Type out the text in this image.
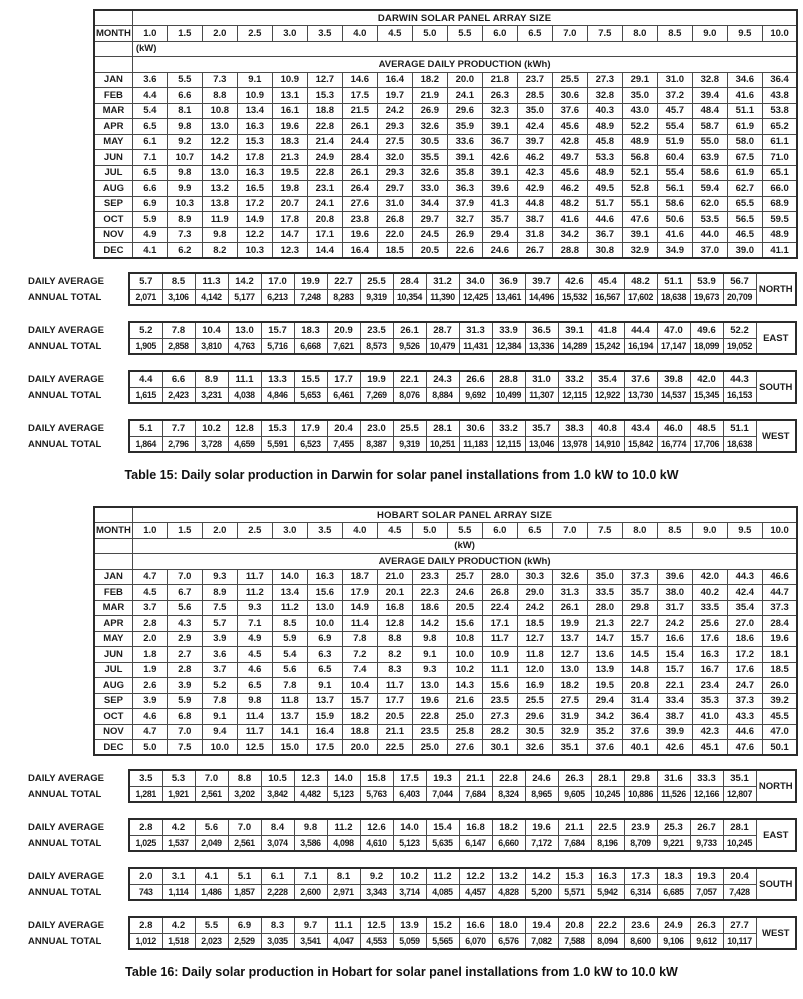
	DARWIN SOLAR PANEL ARRAY SIZE																		
MONTH	1.0	1.5	2.0	2.5	3.0	3.5	4.0	4.5	5.0	5.5	6.0	6.5	7.0	7.5	8.0	8.5	9.0	9.5	10.0
	(kW)																		
	AVERAGE DAILY PRODUCTION (kWh)																		
JAN	3.6	5.5	7.3	9.1	10.9	12.7	14.6	16.4	18.2	20.0	21.8	23.7	25.5	27.3	29.1	31.0	32.8	34.6	36.4
FEB	4.4	6.6	8.8	10.9	13.1	15.3	17.5	19.7	21.9	24.1	26.3	28.5	30.6	32.8	35.0	37.2	39.4	41.6	43.8
MAR	5.4	8.1	10.8	13.4	16.1	18.8	21.5	24.2	26.9	29.6	32.3	35.0	37.6	40.3	43.0	45.7	48.4	51.1	53.8
APR	6.5	9.8	13.0	16.3	19.6	22.8	26.1	29.3	32.6	35.9	39.1	42.4	45.6	48.9	52.2	55.4	58.7	61.9	65.2
MAY	6.1	9.2	12.2	15.3	18.3	21.4	24.4	27.5	30.5	33.6	36.7	39.7	42.8	45.8	48.9	51.9	55.0	58.0	61.1
JUN	7.1	10.7	14.2	17.8	21.3	24.9	28.4	32.0	35.5	39.1	42.6	46.2	49.7	53.3	56.8	60.4	63.9	67.5	71.0
JUL	6.5	9.8	13.0	16.3	19.5	22.8	26.1	29.3	32.6	35.8	39.1	42.3	45.6	48.9	52.1	55.4	58.6	61.9	65.1
AUG	6.6	9.9	13.2	16.5	19.8	23.1	26.4	29.7	33.0	36.3	39.6	42.9	46.2	49.5	52.8	56.1	59.4	62.7	66.0
SEP	6.9	10.3	13.8	17.2	20.7	24.1	27.6	31.0	34.4	37.9	41.3	44.8	48.2	51.7	55.1	58.6	62.0	65.5	68.9
OCT	5.9	8.9	11.9	14.9	17.8	20.8	23.8	26.8	29.7	32.7	35.7	38.7	41.6	44.6	47.6	50.6	53.5	56.5	59.5
NOV	4.9	7.3	9.8	12.2	14.7	17.1	19.6	22.0	24.5	26.9	29.4	31.8	34.2	36.7	39.1	41.6	44.0	46.5	48.9
DEC	4.1	6.2	8.2	10.3	12.3	14.4	16.4	18.5	20.5	22.6	24.6	26.7	28.8	30.8	32.9	34.9	37.0	39.0	41.1
DAILY AVERAGE
ANNUAL TOTAL
5.7	8.5	11.3	14.2	17.0	19.9	22.7	25.5	28.4	31.2	34.0	36.9	39.7	42.6	45.4	48.2	51.1	53.9	56.7	NORTH
2,071	3,106	4,142	5,177	6,213	7,248	8,283	9,319	10,354	11,390	12,425	13,461	14,496	15,532	16,567	17,602	18,638	19,673	20,709	
DAILY AVERAGE
ANNUAL TOTAL
5.2	7.8	10.4	13.0	15.7	18.3	20.9	23.5	26.1	28.7	31.3	33.9	36.5	39.1	41.8	44.4	47.0	49.6	52.2	EAST
1,905	2,858	3,810	4,763	5,716	6,668	7,621	8,573	9,526	10,479	11,431	12,384	13,336	14,289	15,242	16,194	17,147	18,099	19,052	
DAILY AVERAGE
ANNUAL TOTAL
4.4	6.6	8.9	11.1	13.3	15.5	17.7	19.9	22.1	24.3	26.6	28.8	31.0	33.2	35.4	37.6	39.8	42.0	44.3	SOUTH
1,615	2,423	3,231	4,038	4,846	5,653	6,461	7,269	8,076	8,884	9,692	10,499	11,307	12,115	12,922	13,730	14,537	15,345	16,153	
DAILY AVERAGE
ANNUAL TOTAL
5.1	7.7	10.2	12.8	15.3	17.9	20.4	23.0	25.5	28.1	30.6	33.2	35.7	38.3	40.8	43.4	46.0	48.5	51.1	WEST
1,864	2,796	3,728	4,659	5,591	6,523	7,455	8,387	9,319	10,251	11,183	12,115	13,046	13,978	14,910	15,842	16,774	17,706	18,638	
Table 15: Daily solar production in Darwin for solar panel installations from 1.0 kW to 10.0 kW
	HOBART SOLAR PANEL ARRAY SIZE																		
MONTH	1.0	1.5	2.0	2.5	3.0	3.5	4.0	4.5	5.0	5.5	6.0	6.5	7.0	7.5	8.0	8.5	9.0	9.5	10.0
	(kW)																		
	AVERAGE DAILY PRODUCTION (kWh)																		
JAN	4.7	7.0	9.3	11.7	14.0	16.3	18.7	21.0	23.3	25.7	28.0	30.3	32.6	35.0	37.3	39.6	42.0	44.3	46.6
FEB	4.5	6.7	8.9	11.2	13.4	15.6	17.9	20.1	22.3	24.6	26.8	29.0	31.3	33.5	35.7	38.0	40.2	42.4	44.7
MAR	3.7	5.6	7.5	9.3	11.2	13.0	14.9	16.8	18.6	20.5	22.4	24.2	26.1	28.0	29.8	31.7	33.5	35.4	37.3
APR	2.8	4.3	5.7	7.1	8.5	10.0	11.4	12.8	14.2	15.6	17.1	18.5	19.9	21.3	22.7	24.2	25.6	27.0	28.4
MAY	2.0	2.9	3.9	4.9	5.9	6.9	7.8	8.8	9.8	10.8	11.7	12.7	13.7	14.7	15.7	16.6	17.6	18.6	19.6
JUN	1.8	2.7	3.6	4.5	5.4	6.3	7.2	8.2	9.1	10.0	10.9	11.8	12.7	13.6	14.5	15.4	16.3	17.2	18.1
JUL	1.9	2.8	3.7	4.6	5.6	6.5	7.4	8.3	9.3	10.2	11.1	12.0	13.0	13.9	14.8	15.7	16.7	17.6	18.5
AUG	2.6	3.9	5.2	6.5	7.8	9.1	10.4	11.7	13.0	14.3	15.6	16.9	18.2	19.5	20.8	22.1	23.4	24.7	26.0
SEP	3.9	5.9	7.8	9.8	11.8	13.7	15.7	17.7	19.6	21.6	23.5	25.5	27.5	29.4	31.4	33.4	35.3	37.3	39.2
OCT	4.6	6.8	9.1	11.4	13.7	15.9	18.2	20.5	22.8	25.0	27.3	29.6	31.9	34.2	36.4	38.7	41.0	43.3	45.5
NOV	4.7	7.0	9.4	11.7	14.1	16.4	18.8	21.1	23.5	25.8	28.2	30.5	32.9	35.2	37.6	39.9	42.3	44.6	47.0
DEC	5.0	7.5	10.0	12.5	15.0	17.5	20.0	22.5	25.0	27.6	30.1	32.6	35.1	37.6	40.1	42.6	45.1	47.6	50.1
DAILY AVERAGE
ANNUAL TOTAL
3.5	5.3	7.0	8.8	10.5	12.3	14.0	15.8	17.5	19.3	21.1	22.8	24.6	26.3	28.1	29.8	31.6	33.3	35.1	NORTH
1,281	1,921	2,561	3,202	3,842	4,482	5,123	5,763	6,403	7,044	7,684	8,324	8,965	9,605	10,245	10,886	11,526	12,166	12,807	
DAILY AVERAGE
ANNUAL TOTAL
2.8	4.2	5.6	7.0	8.4	9.8	11.2	12.6	14.0	15.4	16.8	18.2	19.6	21.1	22.5	23.9	25.3	26.7	28.1	EAST
1,025	1,537	2,049	2,561	3,074	3,586	4,098	4,610	5,123	5,635	6,147	6,660	7,172	7,684	8,196	8,709	9,221	9,733	10,245	
DAILY AVERAGE
ANNUAL TOTAL
2.0	3.1	4.1	5.1	6.1	7.1	8.1	9.2	10.2	11.2	12.2	13.2	14.2	15.3	16.3	17.3	18.3	19.3	20.4	SOUTH
743	1,114	1,486	1,857	2,228	2,600	2,971	3,343	3,714	4,085	4,457	4,828	5,200	5,571	5,942	6,314	6,685	7,057	7,428	
DAILY AVERAGE
ANNUAL TOTAL
2.8	4.2	5.5	6.9	8.3	9.7	11.1	12.5	13.9	15.2	16.6	18.0	19.4	20.8	22.2	23.6	24.9	26.3	27.7	WEST
1,012	1,518	2,023	2,529	3,035	3,541	4,047	4,553	5,059	5,565	6,070	6,576	7,082	7,588	8,094	8,600	9,106	9,612	10,117	
Table 16: Daily solar production in Hobart for solar panel installations from 1.0 kW to 10.0 kW
